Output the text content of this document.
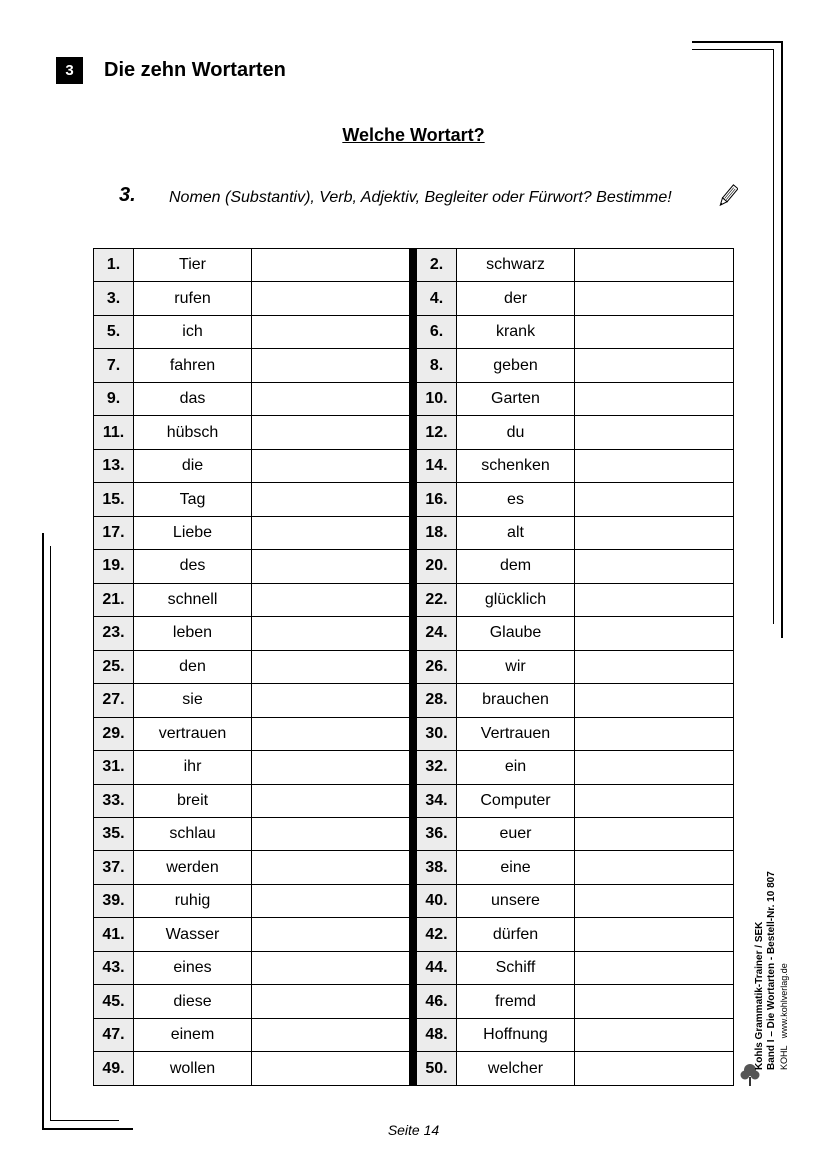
3	Die zehn Wortarten
Welche Wortart?
3. Nomen (Substantiv), Verb, Adjektiv, Begleiter oder Fürwort? Bestimme!
1.	Tier			2.	schwarz	
3.	rufen			4.	der	
5.	ich			6.	krank	
7.	fahren			8.	geben	
9.	das			10.	Garten	
11.	hübsch			12.	du	
13.	die			14.	schenken	
15.	Tag			16.	es	
17.	Liebe			18.	alt	
19.	des			20.	dem	
21.	schnell			22.	glücklich	
23.	leben			24.	Glaube	
25.	den			26.	wir	
27.	sie			28.	brauchen	
29.	vertrauen			30.	Vertrauen	
31.	ihr			32.	ein	
33.	breit			34.	Computer	
35.	schlau			36.	euer	
37.	werden			38.	eine	
39.	ruhig			40.	unsere	
41.	Wasser			42.	dürfen	
43.	eines			44.	Schiff	
45.	diese			46.	fremd	
47.	einem			48.	Hoffnung	
49.	wollen			50.	welcher		Kohls Grammatik-Trainer / SEK Band I – Die Wortarten - Bestell-Nr. 10 807 KOHL   www.kohlverlag.de
Seite 14
